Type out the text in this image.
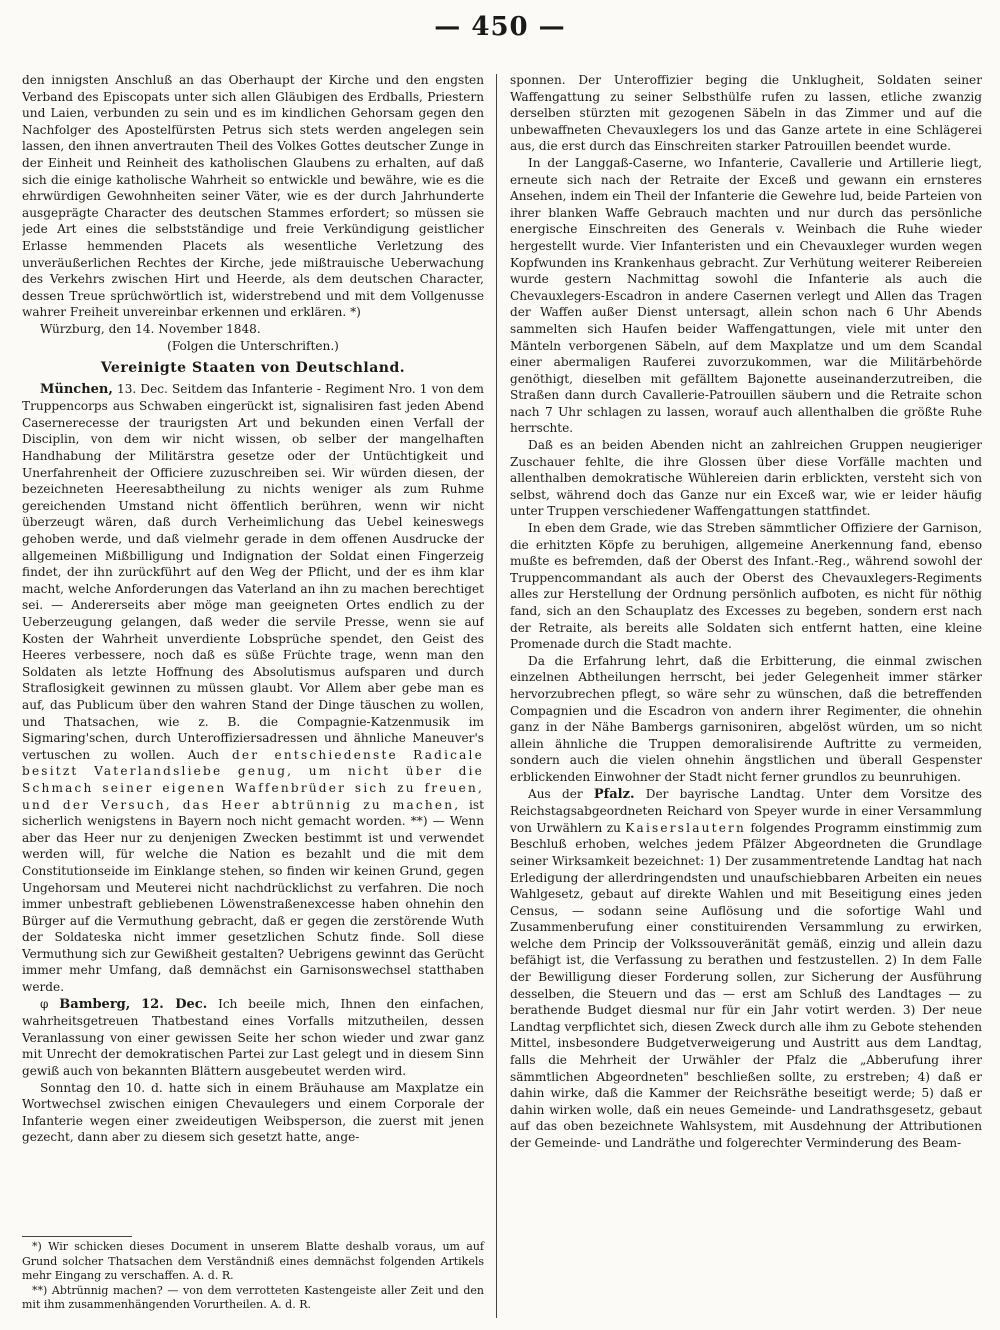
— 450 —

den innigsten Anschluß an das Oberhaupt der Kirche und den engsten Verband des Episcopats unter sich allen Gläubigen des Erdballs, Priestern und Laien, verbunden zu sein und es im kindlichen Gehorsam gegen den Nachfolger des Apostelfürsten Petrus sich stets werden angelegen sein lassen, den ihnen anvertrauten Theil des Volkes Gottes deutscher Zunge in der Einheit und Reinheit des katholischen Glaubens zu erhalten, auf daß sich die einige katholische Wahrheit so entwickle und bewähre, wie es die ehrwürdigen Gewohnheiten seiner Väter, wie es der durch Jahrhunderte ausgeprägte Character des deutschen Stammes erfordert; so müssen sie jede Art eines die selbstständige und freie Verkündigung geistlicher Erlasse hemmenden Placets als wesentliche Verletzung des unveräußerlichen Rechtes der Kirche, jede mißtrauische Ueberwachung des Verkehrs zwischen Hirt und Heerde, als dem deutschen Character, dessen Treue sprüchwörtlich ist, widerstrebend und mit dem Vollgenusse wahrer Freiheit unvereinbar erkennen und erklären. *)

Würzburg, den 14. November 1848.

(Folgen die Unterschriften.)

Vereinigte Staaten von Deutschland.

München, 13. Dec. Seitdem das Infanterie - Regiment Nro. 1 von dem Truppencorps aus Schwaben eingerückt ist, signalisiren fast jeden Abend Casernerecesse der traurigsten Art und bekunden einen Verfall der Disciplin, von dem wir nicht wissen, ob selber der mangelhaften Handhabung der Militärstra gesetze oder der Untüchtigkeit und Unerfahrenheit der Officiere zuzuschreiben sei. Wir würden diesen, der bezeichneten Heeresabtheilung zu nichts weniger als zum Ruhme gereichenden Umstand nicht öffentlich berühren, wenn wir nicht überzeugt wären, daß durch Verheimlichung das Uebel keineswegs gehoben werde, und daß vielmehr gerade in dem offenen Ausdrucke der allgemeinen Mißbilligung und Indignation der Soldat einen Fingerzeig findet, der ihn zurückführt auf den Weg der Pflicht, und der es ihm klar macht, welche Anforderungen das Vaterland an ihn zu machen berechtiget sei. — Andererseits aber möge man geeigneten Ortes endlich zu der Ueberzeugung gelangen, daß weder die servile Presse, wenn sie auf Kosten der Wahrheit unverdiente Lobsprüche spendet, den Geist des Heeres verbessere, noch daß es süße Früchte trage, wenn man den Soldaten als letzte Hoffnung des Absolutismus aufsparen und durch Straflosigkeit gewinnen zu müssen glaubt. Vor Allem aber gebe man es auf, das Publicum über den wahren Stand der Dinge täuschen zu wollen, und Thatsachen, wie z. B. die Compagnie-Katzenmusik im Sigmaring'schen, durch Unteroffiziersadressen und ähnliche Maneuver's vertuschen zu wollen. Auch der entschiedenste Radicale besitzt Vaterlandsliebe genug, um nicht über die Schmach seiner eigenen Waffenbrüder sich zu freuen, und der Versuch, das Heer abtrünnig zu machen, ist sicherlich wenigstens in Bayern noch nicht gemacht worden. **) — Wenn aber das Heer nur zu denjenigen Zwecken bestimmt ist und verwendet werden will, für welche die Nation es bezahlt und die mit dem Constitutionseide im Einklange stehen, so finden wir keinen Grund, gegen Ungehorsam und Meuterei nicht nachdrücklichst zu verfahren. Die noch immer unbestraft gebliebenen Löwenstraßenexcesse haben ohnehin den Bürger auf die Vermuthung gebracht, daß er gegen die zerstörende Wuth der Soldateska nicht immer gesetzlichen Schutz finde. Soll diese Vermuthung sich zur Gewißheit gestalten? Uebrigens gewinnt das Gerücht immer mehr Umfang, daß demnächst ein Garnisonswechsel statthaben werde.

φ Bamberg, 12. Dec. Ich beeile mich, Ihnen den einfachen, wahrheitsgetreuen Thatbestand eines Vorfalls mitzutheilen, dessen Veranlassung von einer gewissen Seite her schon wieder und zwar ganz mit Unrecht der demokratischen Partei zur Last gelegt und in diesem Sinn gewiß auch von bekannten Blättern ausgebeutet werden wird.

Sonntag den 10. d. hatte sich in einem Bräuhause am Maxplatze ein Wortwechsel zwischen einigen Chevaulegers und einem Corporale der Infanterie wegen einer zweideutigen Weibsperson, die zuerst mit jenen gezecht, dann aber zu diesem sich gesetzt hatte, ange-

*) Wir schicken dieses Document in unserem Blatte deshalb voraus, um auf Grund solcher Thatsachen dem Verständniß eines demnächst folgenden Artikels mehr Eingang zu verschaffen. A. d. R.

**) Abtrünnig machen? — von dem verrotteten Kastengeiste aller Zeit und den mit ihm zusammenhängenden Vorurtheilen. A. d. R.

sponnen. Der Unteroffizier beging die Unklugheit, Soldaten seiner Waffengattung zu seiner Selbsthülfe rufen zu lassen, etliche zwanzig derselben stürzten mit gezogenen Säbeln in das Zimmer und auf die unbewaffneten Chevauxlegers los und das Ganze artete in eine Schlägerei aus, die erst durch das Einschreiten starker Patrouillen beendet wurde.

In der Langgaß-Caserne, wo Infanterie, Cavallerie und Artillerie liegt, erneute sich nach der Retraite der Exceß und gewann ein ernsteres Ansehen, indem ein Theil der Infanterie die Gewehre lud, beide Parteien von ihrer blanken Waffe Gebrauch machten und nur durch das persönliche energische Einschreiten des Generals v. Weinbach die Ruhe wieder hergestellt wurde. Vier Infanteristen und ein Chevauxleger wurden wegen Kopfwunden ins Krankenhaus gebracht. Zur Verhütung weiterer Reibereien wurde gestern Nachmittag sowohl die Infanterie als auch die Chevauxlegers-Escadron in andere Casernen verlegt und Allen das Tragen der Waffen außer Dienst untersagt, allein schon nach 6 Uhr Abends sammelten sich Haufen beider Waffengattungen, viele mit unter den Mänteln verborgenen Säbeln, auf dem Maxplatze und um dem Scandal einer abermaligen Rauferei zuvorzukommen, war die Militärbehörde genöthigt, dieselben mit gefälltem Bajonette auseinanderzutreiben, die Straßen dann durch Cavallerie-Patrouillen säubern und die Retraite schon nach 7 Uhr schlagen zu lassen, worauf auch allenthalben die größte Ruhe herrschte.

Daß es an beiden Abenden nicht an zahlreichen Gruppen neugieriger Zuschauer fehlte, die ihre Glossen über diese Vorfälle machten und allenthalben demokratische Wühlereien darin erblickten, versteht sich von selbst, während doch das Ganze nur ein Exceß war, wie er leider häufig unter Truppen verschiedener Waffengattungen stattfindet.

In eben dem Grade, wie das Streben sämmtlicher Offiziere der Garnison, die erhitzten Köpfe zu beruhigen, allgemeine Anerkennung fand, ebenso mußte es befremden, daß der Oberst des Infant.-Reg., während sowohl der Truppencommandant als auch der Oberst des Chevauxlegers-Regiments alles zur Herstellung der Ordnung persönlich aufboten, es nicht für nöthig fand, sich an den Schauplatz des Excesses zu begeben, sondern erst nach der Retraite, als bereits alle Soldaten sich entfernt hatten, eine kleine Promenade durch die Stadt machte.

Da die Erfahrung lehrt, daß die Erbitterung, die einmal zwischen einzelnen Abtheilungen herrscht, bei jeder Gelegenheit immer stärker hervorzubrechen pflegt, so wäre sehr zu wünschen, daß die betreffenden Compagnien und die Escadron von andern ihrer Regimenter, die ohnehin ganz in der Nähe Bambergs garnisoniren, abgelöst würden, um so nicht allein ähnliche die Truppen demoralisirende Auftritte zu vermeiden, sondern auch die vielen ohnehin ängstlichen und überall Gespenster erblickenden Einwohner der Stadt nicht ferner grundlos zu beunruhigen.

Aus der Pfalz. Der bayrische Landtag. Unter dem Vorsitze des Reichstagsabgeordneten Reichard von Speyer wurde in einer Versammlung von Urwählern zu Kaiserslautern folgendes Programm einstimmig zum Beschluß erhoben, welches jedem Pfälzer Abgeordneten die Grundlage seiner Wirksamkeit bezeichnet: 1) Der zusammentretende Landtag hat nach Erledigung der allerdringendsten und unaufschiebbaren Arbeiten ein neues Wahlgesetz, gebaut auf direkte Wahlen und mit Beseitigung eines jeden Census, — sodann seine Auflösung und die sofortige Wahl und Zusammenberufung einer constituirenden Versammlung zu erwirken, welche dem Princip der Volkssouveränität gemäß, einzig und allein dazu befähigt ist, die Verfassung zu berathen und festzustellen. 2) In dem Falle der Bewilligung dieser Forderung sollen, zur Sicherung der Ausführung desselben, die Steuern und das — erst am Schluß des Landtages — zu berathende Budget diesmal nur für ein Jahr votirt werden. 3) Der neue Landtag verpflichtet sich, diesen Zweck durch alle ihm zu Gebote stehenden Mittel, insbesondere Budgetverweigerung und Austritt aus dem Landtag, falls die Mehrheit der Urwähler der Pfalz die „Abberufung ihrer sämmtlichen Abgeordneten" beschließen sollte, zu erstreben; 4) daß er dahin wirke, daß die Kammer der Reichsräthe beseitigt werde; 5) daß er dahin wirken wolle, daß ein neues Gemeinde- und Landrathsgesetz, gebaut auf das oben bezeichnete Wahlsystem, mit Ausdehnung der Attributionen der Gemeinde- und Landräthe und folgerechter Verminderung des Beam-
